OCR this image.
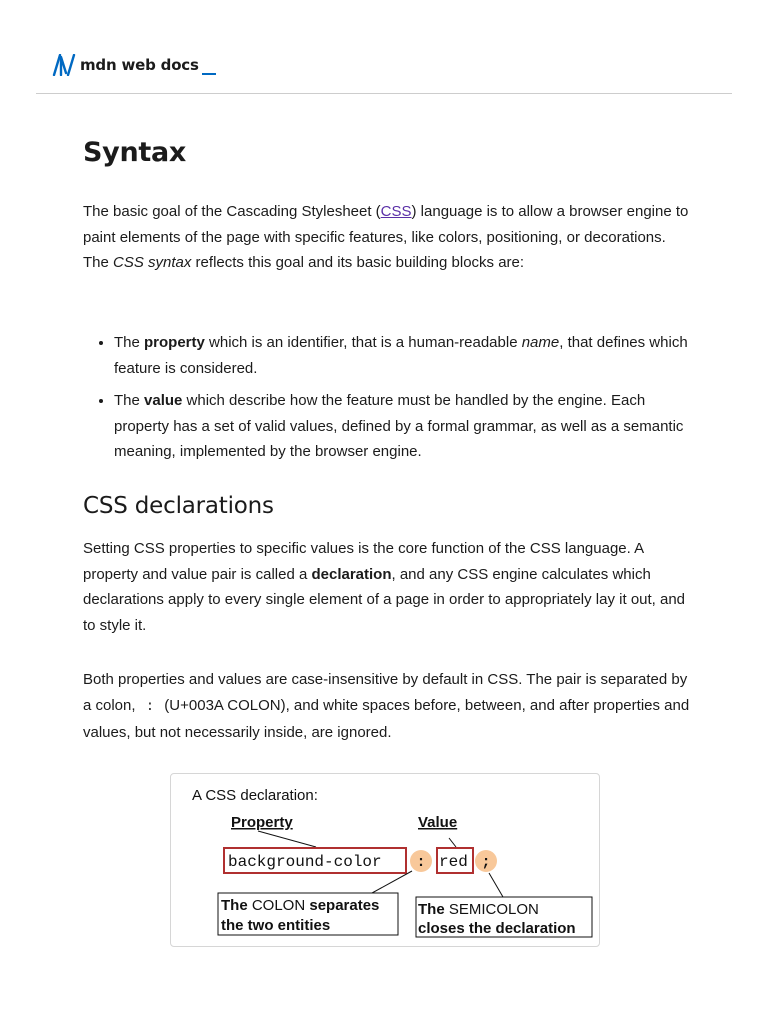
mdn web docs
Syntax

The basic goal of the Cascading Stylesheet (CSS) language is to allow a browser engine to paint elements of the page with specific features, like colors, positioning, or decorations. The CSS syntax reflects this goal and its basic building blocks are:

• The property which is an identifier, that is a human-readable name, that defines which feature is considered.
• The value which describe how the feature must be handled by the engine. Each property has a set of valid values, defined by a formal grammar, as well as a semantic meaning, implemented by the browser engine.
CSS declarations

Setting CSS properties to specific values is the core function of the CSS language. A property and value pair is called a declaration, and any CSS engine calculates which declarations apply to every single element of a page in order to appropriately lay it out, and to style it.

Both properties and values are case-insensitive by default in CSS. The pair is separated by a colon, : (U+003A COLON), and white spaces before, between, and after properties and values, but not necessarily inside, are ignored.

A CSS declaration:
Property	Value
background-color : red ;
The COLON separates
the two entities
The SEMICOLON
closes the declaration
